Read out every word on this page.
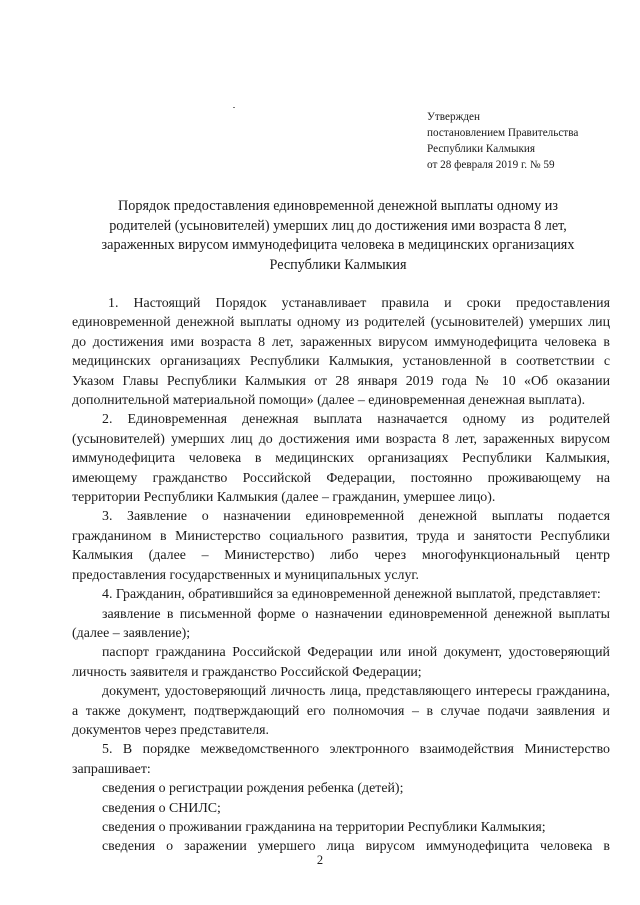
Утвержден
постановлением Правительства
Республики Калмыкия
от 28 февраля 2019 г. № 59
Порядок предоставления единовременной денежной выплаты одному из
родителей (усыновителей) умерших лиц до достижения ими возраста 8 лет,
зараженных вирусом иммунодефицита человека в медицинских организациях
Республики Калмыкия

1. Настоящий Порядок устанавливает правила и сроки предоставления единовременной денежной выплаты одному из родителей (усыновителей) умерших лиц до достижения ими возраста 8 лет, зараженных вирусом иммунодефицита человека в медицинских организациях Республики Калмыкия, установленной в соответствии с Указом Главы Республики Калмыкия от 28 января 2019 года № 10 «Об оказании дополнительной материальной помощи» (далее – единовременная денежная выплата).

2. Единовременная денежная выплата назначается одному из родителей (усыновителей) умерших лиц до достижения ими возраста 8 лет, зараженных вирусом иммунодефицита человека в медицинских организациях Республики Калмыкия, имеющему гражданство Российской Федерации, постоянно проживающему на территории Республики Калмыкия (далее – гражданин, умершее лицо).

3. Заявление о назначении единовременной денежной выплаты подается гражданином в Министерство социального развития, труда и занятости Республики Калмыкия (далее – Министерство) либо через многофункциональный центр предоставления государственных и муниципальных услуг.

4. Гражданин, обратившийся за единовременной денежной выплатой, представляет:

заявление в письменной форме о назначении единовременной денежной выплаты (далее – заявление);

паспорт гражданина Российской Федерации или иной документ, удостоверяющий личность заявителя и гражданство Российской Федерации;

документ, удостоверяющий личность лица, представляющего интересы гражданина, а также документ, подтверждающий его полномочия – в случае подачи заявления и документов через представителя.

5. В порядке межведомственного электронного взаимодействия Министерство запрашивает:

сведения о регистрации рождения ребенка (детей);

сведения о СНИЛС;

сведения о проживании гражданина на территории Республики Калмыкия;

сведения о заражении умершего лица вирусом иммунодефицита человека в

2
